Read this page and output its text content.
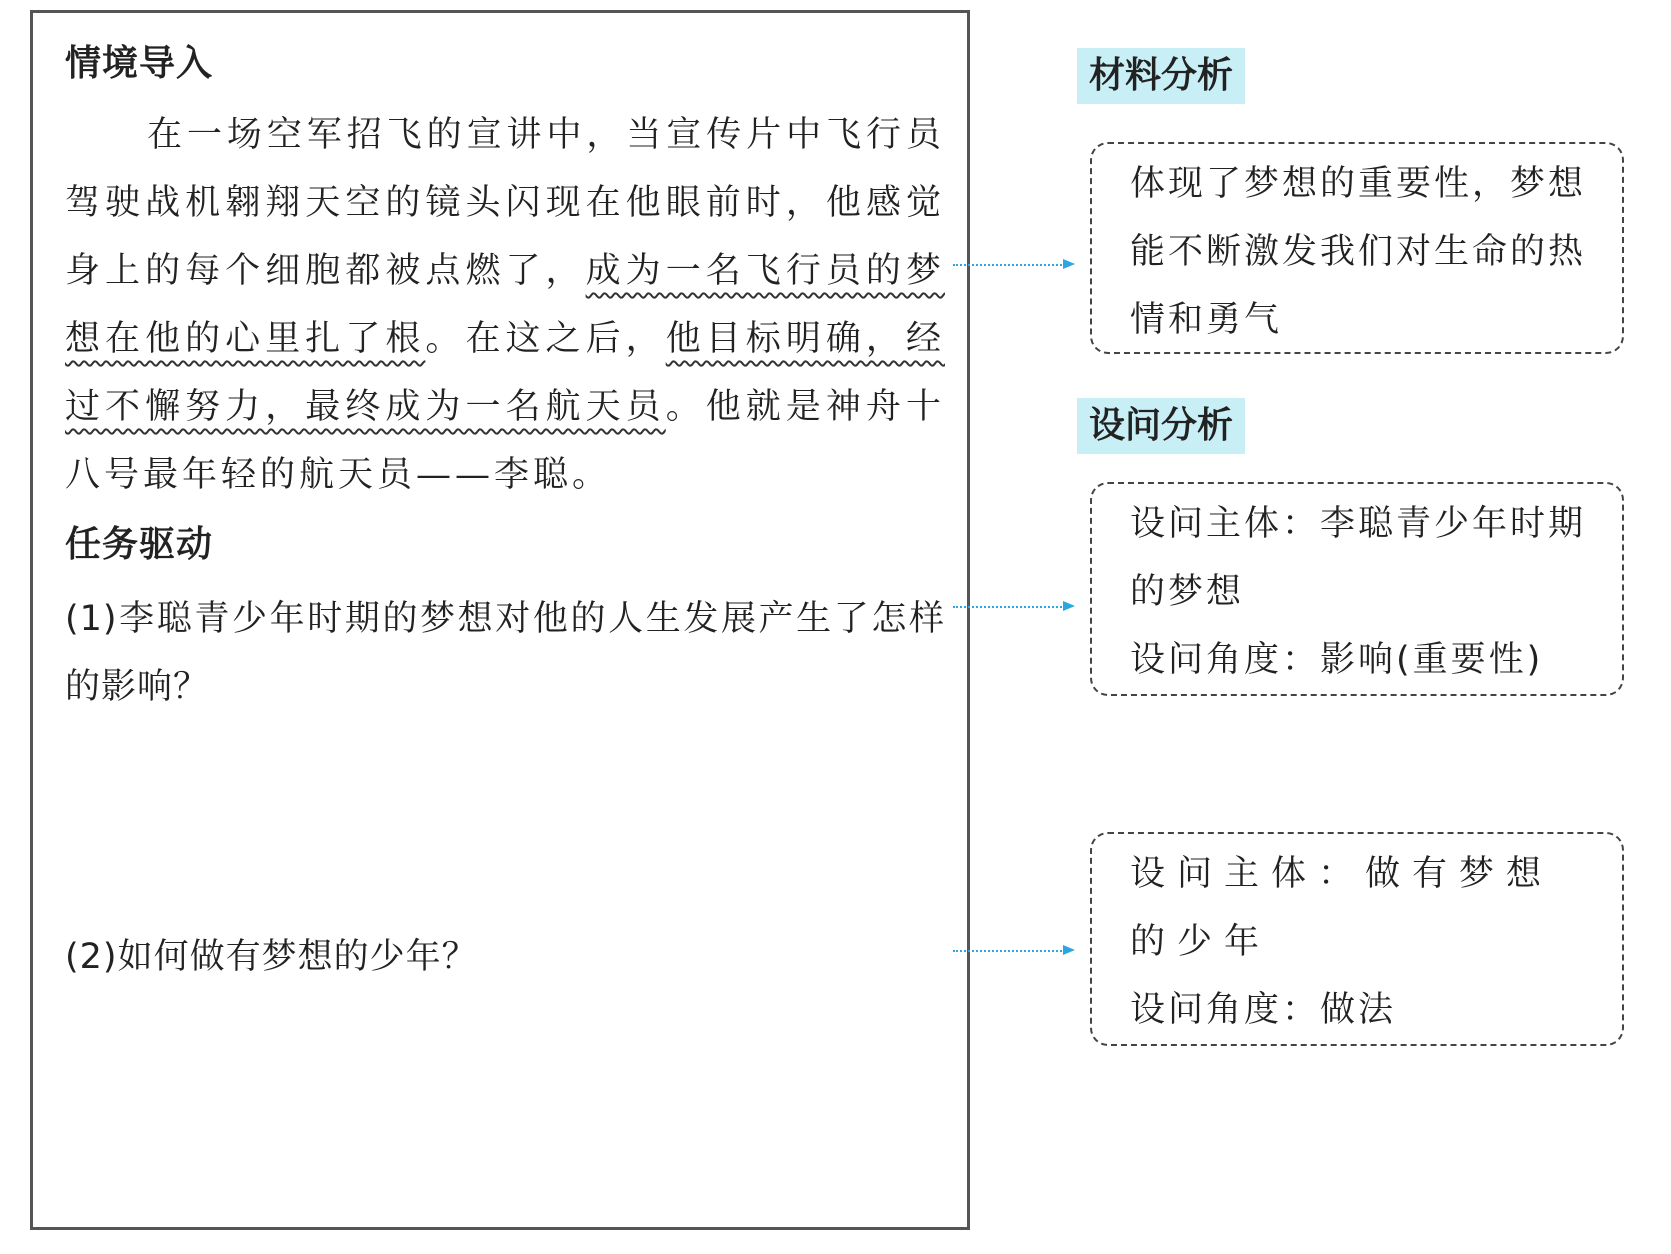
情境导入
在一场空军招飞的宣讲中，当宣传片中飞行员驾驶战机翱翔天空的镜头闪现在他眼前时，他感觉身上的每个细胞都被点燃了，成为一名飞行员的梦想在他的心里扎了根。在这之后，他目标明确，经过不懈努力，最终成为一名航天员。他就是神舟十八号最年轻的航天员——李聪。
任务驱动
(1)李聪青少年时期的梦想对他的人生发展产生了怎样的影响？
(2)如何做有梦想的少年？
材料分析
体现了梦想的重要性，梦想能不断激发我们对生命的热情和勇气
设问分析
设问主体：李聪青少年时期的梦想
设问角度：影响(重要性)
设问主体：做有梦想的少年
设问角度：做法
